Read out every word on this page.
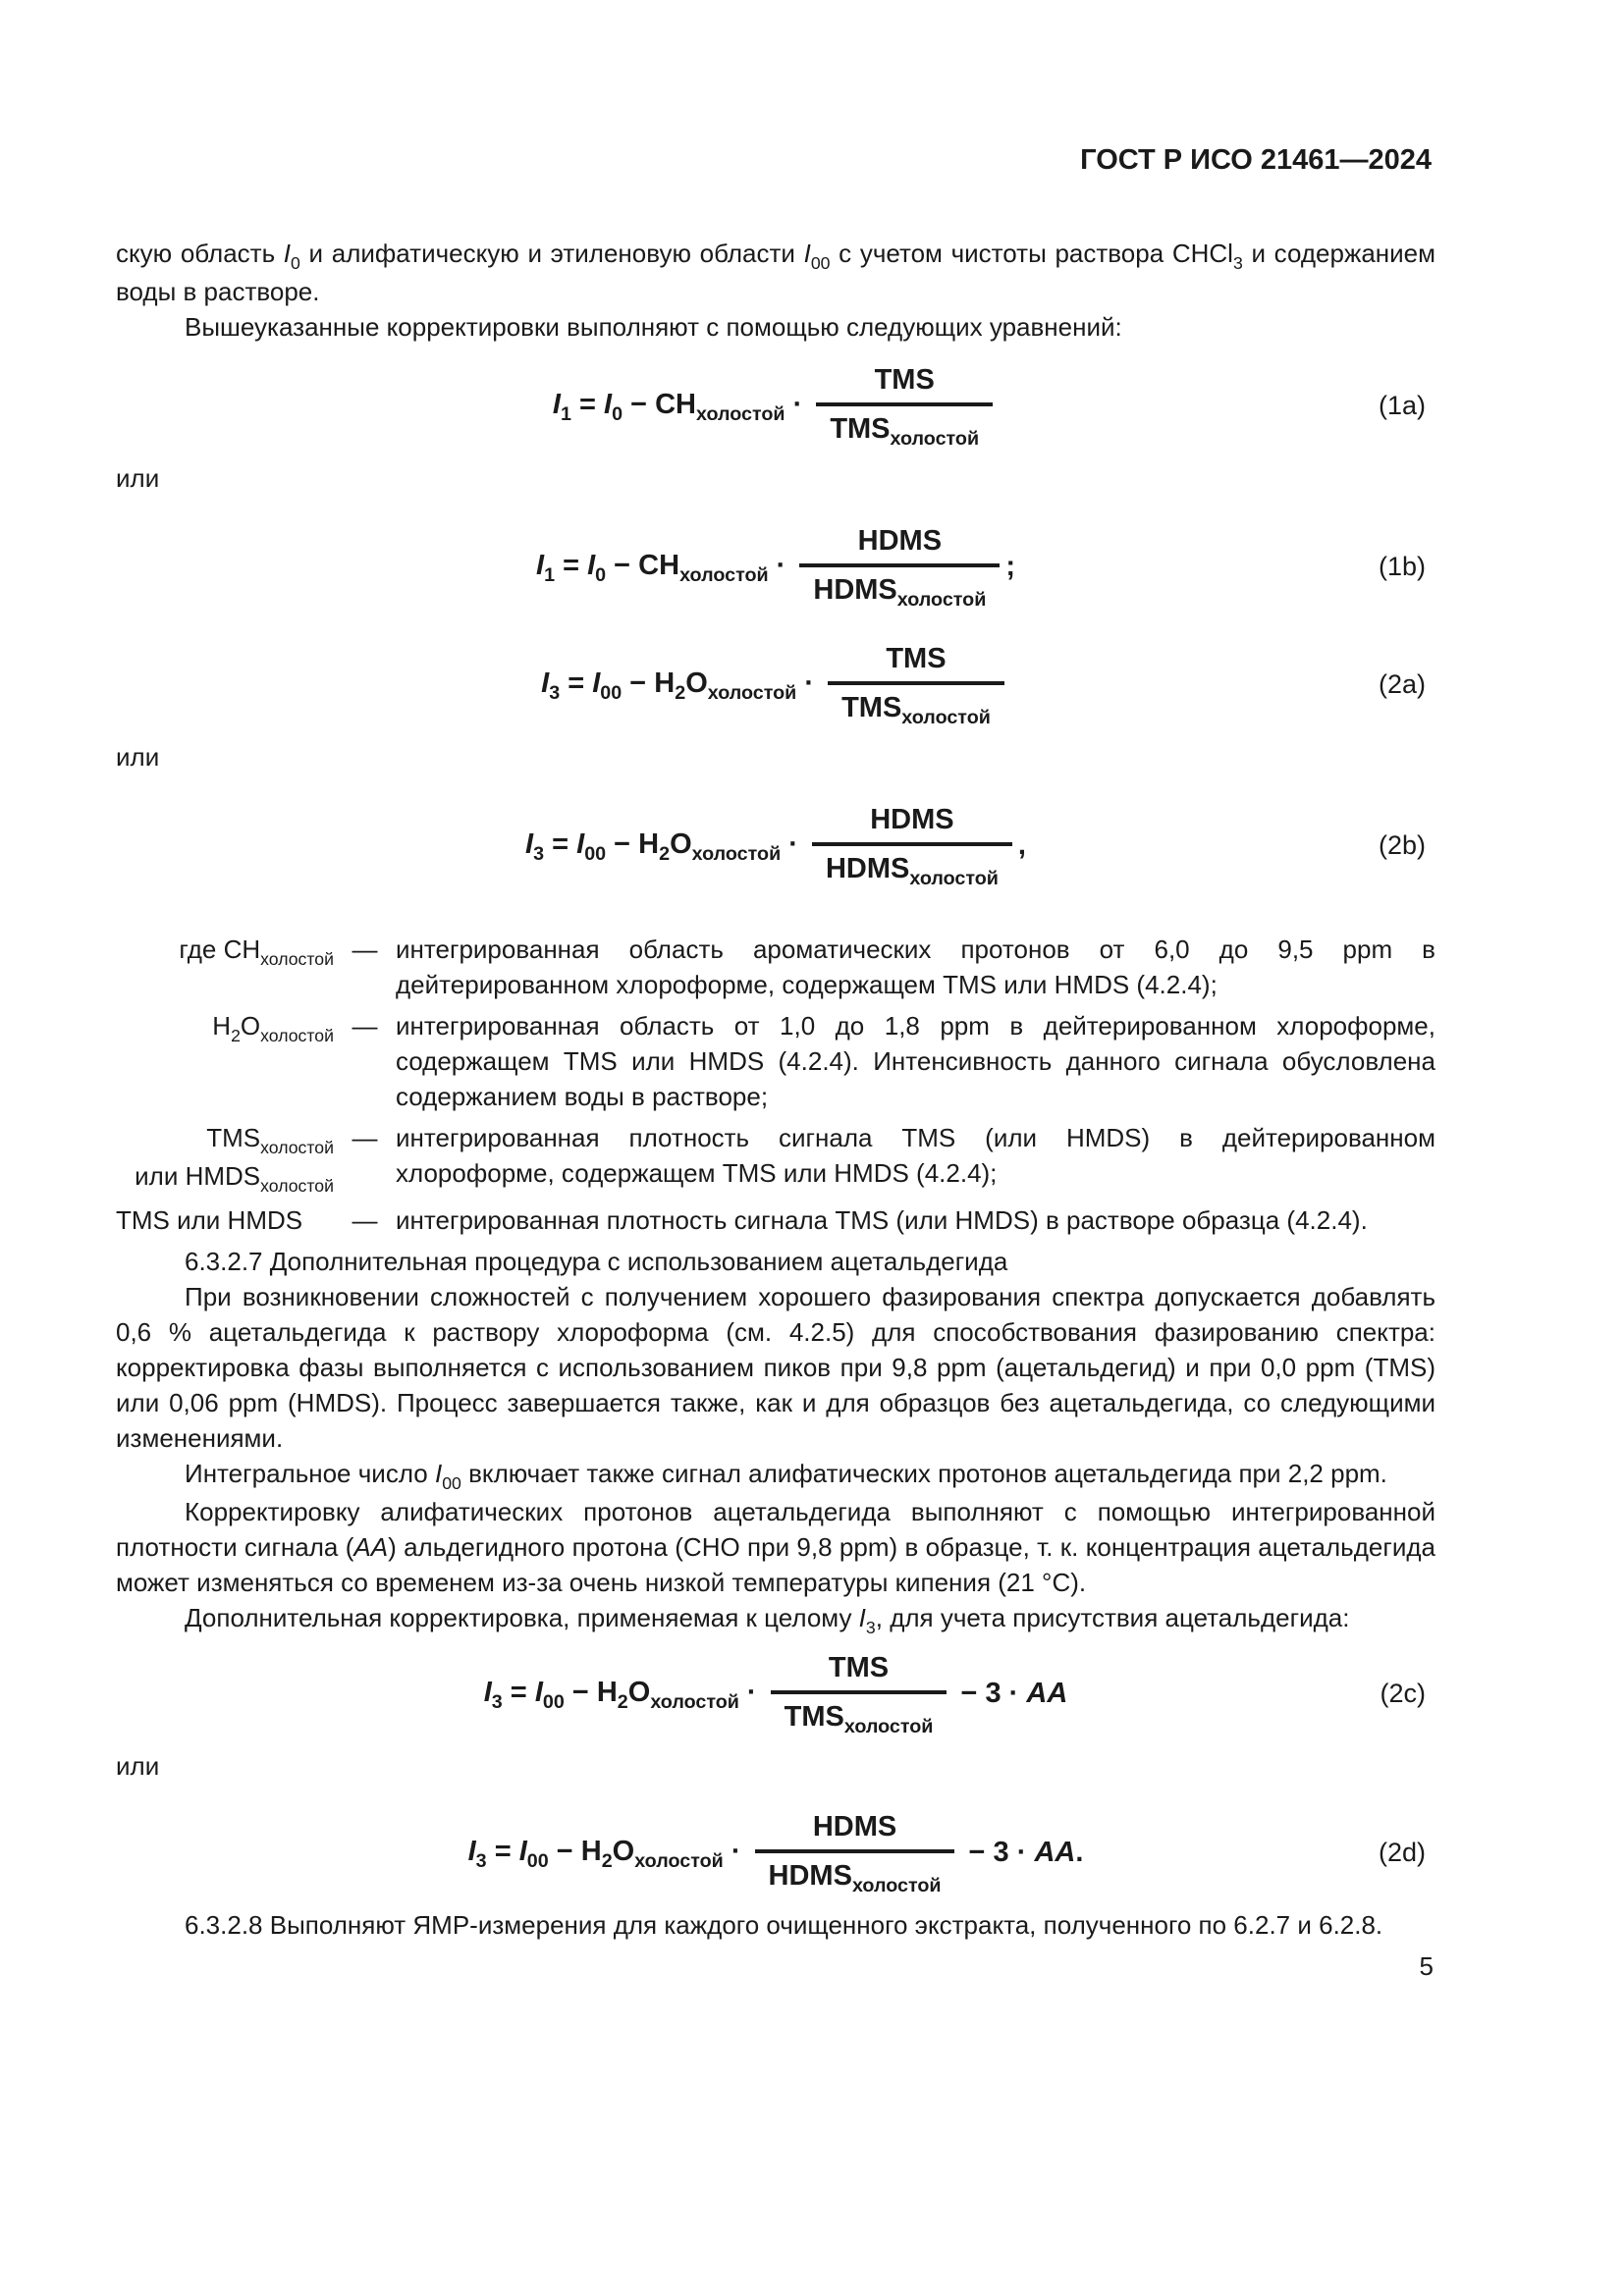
ГОСТ Р ИСО 21461—2024

скую область $I_0$ и алифатическую и этиленовую области $I_{00}$ с учетом чистоты раствора CHCl$_3$ и содержанием воды в растворе.

Вышеуказанные корректировки выполняют с помощью следующих уравнений:

$I_1 = I_0 - CH_{холостой}$ ·
TMS
$TMS_{холостой}$
(1a)

или

$I_1 = I_0 - CH_{холостой}$ ·
HDMS
$HDMS_{холостой}$
;	(1b)
$I_3 = I_{00} - H_2O_{холостой}$ ·
TMS
$TMS_{холостой}$
(2a)

или

$I_3 = I_{00} - H_2O_{холостой}$ ·
HDMS
$HDMS_{холостой}$
,	(2b)
где $CH_{холостой}$ — интегрированная область ароматических протонов от 6,0 до 9,5 ppm в дейтерированном хлороформе, содержащем TMS или HMDS (4.2.4);
$H_2O_{холостой}$ — интегрированная область от 1,0 до 1,8 ppm в дейтерированном хлороформе, содержащем TMS или HMDS (4.2.4). Интенсивность данного сигнала обусловлена содержанием воды в растворе;
$TMS_{холостой}$
или $HMDS_{холостой}$
— интегрированная плотность сигнала TMS (или HMDS) в дейтерированном хлороформе, содержащем TMS или HMDS (4.2.4);
TMS или HMDS	— интегрированная плотность сигнала TMS (или HMDS) в растворе образца (4.2.4).

6.3.2.7 Дополнительная процедура с использованием ацетальдегида

При возникновении сложностей с получением хорошего фазирования спектра допускается добавлять 0,6 % ацетальдегида к раствору хлороформа (см. 4.2.5) для способствования фазированию спектра: корректировка фазы выполняется с использованием пиков при 9,8 ppm (ацетальдегид) и при 0,0 ppm (TMS) или 0,06 ppm (HMDS). Процесс завершается также, как и для образцов без ацетальдегида, со следующими изменениями.

Интегральное число $I_{00}$ включает также сигнал алифатических протонов ацетальдегида при 2,2 ppm.

Корректировку алифатических протонов ацетальдегида выполняют с помощью интегрированной плотности сигнала (AA) альдегидного протона (CHO при 9,8 ppm) в образце, т. к. концентрация ацетальдегида может изменяться со временем из-за очень низкой температуры кипения (21 °C).

Дополнительная корректировка, применяемая к целому $I_3$, для учета присутствия ацетальдегида:

$I_3 = I_{00} - H_2O_{холостой}$ ·
TMS
$TMS_{холостой}$
− 3 · AA	(2c)

или

$I_3 = I_{00} - H_2O_{холостой}$ ·
HDMS
$HDMS_{холостой}$
− 3 · AA.	(2d)

6.3.2.8 Выполняют ЯМР-измерения для каждого очищенного экстракта, полученного по 6.2.7 и 6.2.8.

5
